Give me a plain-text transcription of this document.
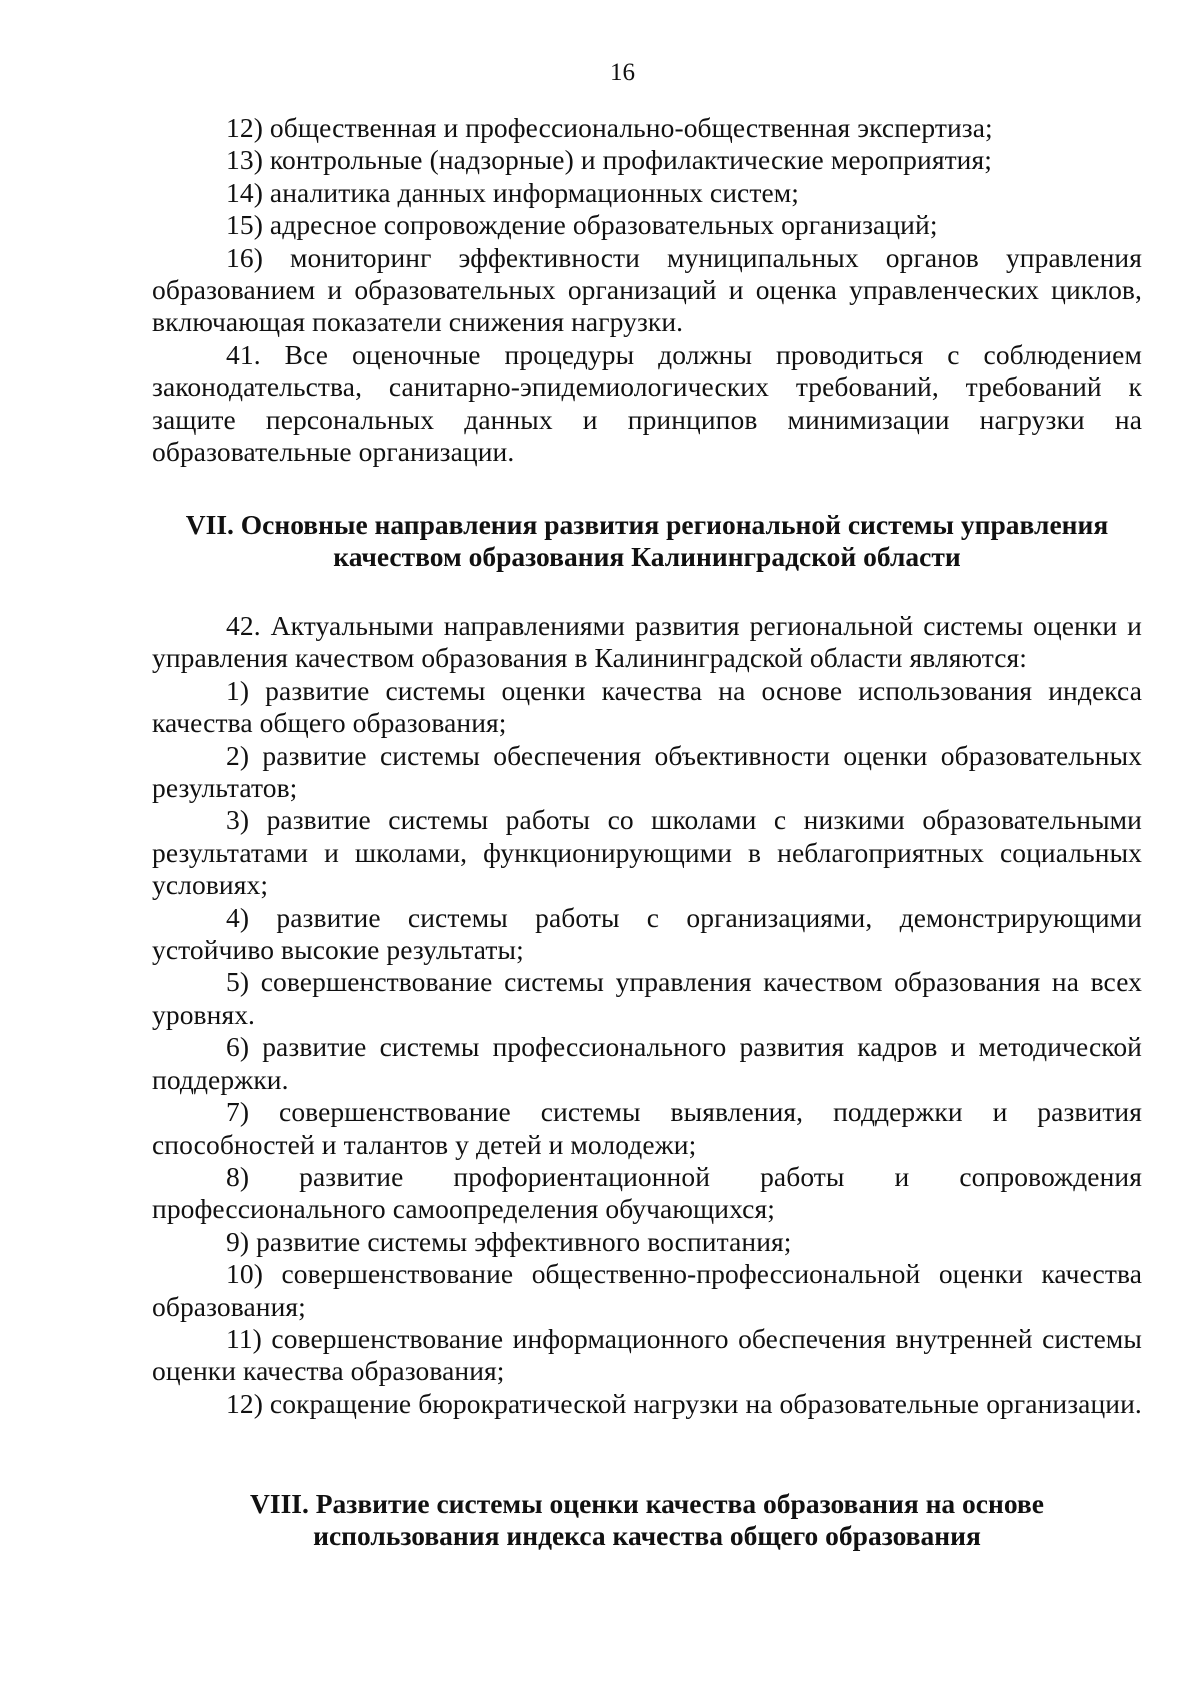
16

12) общественная и профессионально-общественная экспертиза;

13) контрольные (надзорные) и профилактические мероприятия;

14) аналитика данных информационных систем;

15) адресное сопровождение образовательных организаций;

16) мониторинг эффективности муниципальных органов управления образованием и образовательных организаций и оценка управленческих циклов, включающая показатели снижения нагрузки.

41. Все оценочные процедуры должны проводиться с соблюдением законодательства, санитарно-эпидемиологических требований, требований к защите персональных данных и принципов минимизации нагрузки на образовательные организации.

VII. Основные направления развития региональной системы управления
качеством образования Калининградской области

42. Актуальными направлениями развития региональной системы оценки и управления качеством образования в Калининградской области являются:

1) развитие системы оценки качества на основе использования индекса качества общего образования;

2) развитие системы обеспечения объективности оценки образовательных результатов;

3) развитие системы работы со школами с низкими образовательными результатами и школами, функционирующими в неблагоприятных социальных условиях;

4) развитие системы работы с организациями, демонстрирующими устойчиво высокие результаты;

5) совершенствование системы управления качеством образования на всех уровнях.

6) развитие системы профессионального развития кадров и методической поддержки.

7) совершенствование системы выявления, поддержки и развития способностей и талантов у детей и молодежи;

8) развитие профориентационной работы и сопровождения профессионального самоопределения обучающихся;

9) развитие системы эффективного воспитания;

10) совершенствование общественно-профессиональной оценки качества образования;

11) совершенствование информационного обеспечения внутренней системы оценки качества образования;

12) сокращение бюрократической нагрузки на образовательные организации.

VIII. Развитие системы оценки качества образования на основе
использования индекса качества общего образования
